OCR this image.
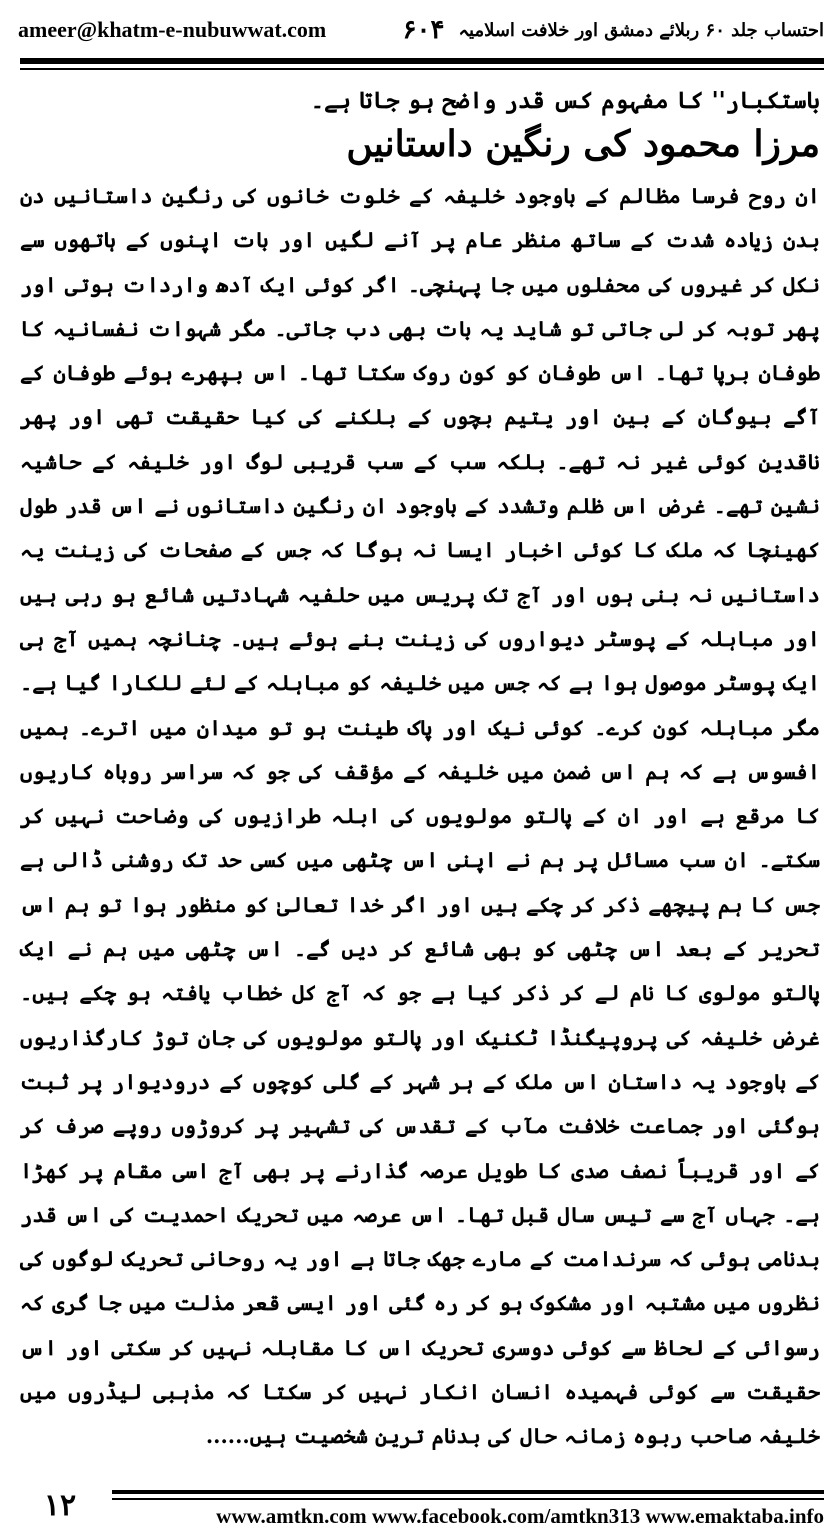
ameer@khatm-e-nubuwwat.com	احتساب جلد ۶۰ ربلائے دمشق اور خلافت اسلامیہ
۶۰۴

باستکبار'' کا مفہوم کس قدر واضح ہو جاتا ہے۔

مرزا محمود کی رنگین داستانیں

ان روح فرسا مظالم کے باوجود خلیفہ کے خلوت خانوں کی رنگین داستانیں دن بدن زیادہ شدت کے ساتھ منظر عام پر آنے لگیں اور بات اپنوں کے ہاتھوں سے نکل کر غیروں کی محفلوں میں جا پہنچی۔ اگر کوئی ایک آدھ واردات ہوتی اور پھر توبہ کر لی جاتی تو شاید یہ بات بھی دب جاتی۔ مگر شہوات نفسانیہ کا طوفان برپا تھا۔ اس طوفان کو کون روک سکتا تھا۔ اس بپھرے ہوئے طوفان کے آگے بیوگان کے بین اور یتیم بچوں کے بلکنے کی کیا حقیقت تھی اور پھر ناقدین کوئی غیر نہ تھے۔ بلکہ سب کے سب قریبی لوگ اور خلیفہ کے حاشیہ نشین تھے۔ غرض اس ظلم وتشدد کے باوجود ان رنگین داستانوں نے اس قدر طول کھینچا کہ ملک کا کوئی اخبار ایسا نہ ہوگا کہ جس کے صفحات کی زینت یہ داستانیں نہ بنی ہوں اور آج تک پریس میں حلفیہ شہادتیں شائع ہو رہی ہیں اور مباہلہ کے پوسٹر دیواروں کی زینت بنے ہوئے ہیں۔ چنانچہ ہمیں آج ہی ایک پوسٹر موصول ہوا ہے کہ جس میں خلیفہ کو مباہلہ کے لئے للکارا گیا ہے۔ مگر مباہلہ کون کرے۔ کوئی نیک اور پاک طینت ہو تو میدان میں اترے۔ ہمیں افسوس ہے کہ ہم اس ضمن میں خلیفہ کے مؤقف کی جو کہ سراسر روباہ کاریوں کا مرقع ہے اور ان کے پالتو مولویوں کی ابلہ طرازیوں کی وضاحت نہیں کر سکتے۔ ان سب مسائل پر ہم نے اپنی اس چٹھی میں کسی حد تک روشنی ڈالی ہے جس کا ہم پیچھے ذکر کر چکے ہیں اور اگر خدا تعالیٰ کو منظور ہوا تو ہم اس تحریر کے بعد اس چٹھی کو بھی شائع کر دیں گے۔ اس چٹھی میں ہم نے ایک پالتو مولوی کا نام لے کر ذکر کیا ہے جو کہ آج کل خطاب یافتہ ہو چکے ہیں۔ غرض خلیفہ کی پروپیگنڈا ٹکنیک اور پالتو مولویوں کی جان توڑ کارگذاریوں کے باوجود یہ داستان اس ملک کے ہر شہر کے گلی کوچوں کے درودیوار پر ثبت ہوگئی اور جماعت خلافت مآب کے تقدس کی تشہیر پر کروڑوں روپے صرف کر کے اور قریباً نصف صدی کا طویل عرصہ گذارنے پر بھی آج اسی مقام پر کھڑا ہے۔ جہاں آج سے تیس سال قبل تھا۔ اس عرصہ میں تحریک احمدیت کی اس قدر بدنامی ہوئی کہ سرندامت کے مارے جھک جاتا ہے اور یہ روحانی تحریک لوگوں کی نظروں میں مشتبہ اور مشکوک ہو کر رہ گئی اور ایسی قعر مذلت میں جا گری کہ رسوائی کے لحاظ سے کوئی دوسری تحریک اس کا مقابلہ نہیں کر سکتی اور اس حقیقت سے کوئی فہمیدہ انسان انکار نہیں کر سکتا کہ مذہبی لیڈروں میں خلیفہ صاحب ربوہ زمانہ حال کی بدنام ترین شخصیت ہیں......

۱۲	www.amtkn.com www.facebook.com/amtkn313 www.emaktaba.info
